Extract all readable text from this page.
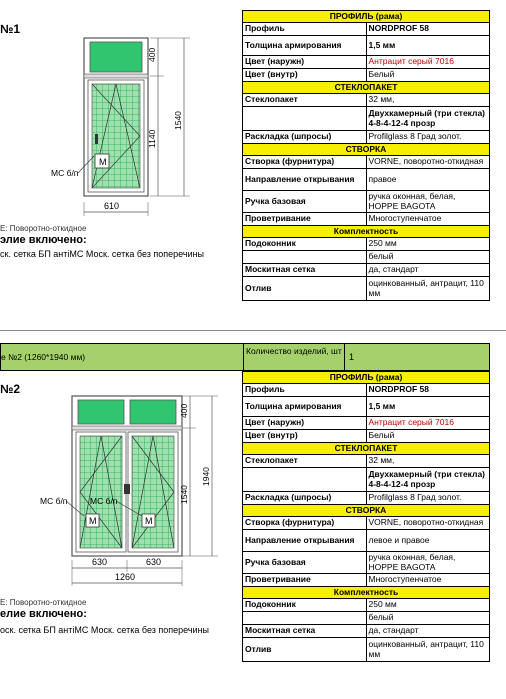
№1
М
МС б/п
400
1140
1540
610
Е: Поворотно-откидное
элие включено:
ск. сетка БП антіМС Моск. сетка без поперечины
ПРОФИЛЬ (рама)	
Профиль	NORDPROF 58
Толщина армирования	1,5 мм
Цвет (наружн)	Антрацит серый 7016
Цвет (внутр)	Белый
СТЕКЛОПАКЕТ	
Стеклопакет	32 мм,
	Двухкамерный (три стекла) 4-8-4-12-4 прозр
Раскладка (шпросы)	Profilglass 8 Град золот.
СТВОРКА	
Створка (фурнитура)	VORNE, поворотно-откидная
Направление открывания	правое
Ручка базовая	ручка оконная, белая, HOPPE BAGOTA
Проветривание	Многоступенчатое
Комплектность	
Подоконник	250 мм
	белый
Москитная сетка	да, стандарт
Отлив	оцинкованный, антрацит, 110 мм
е №2 (1260*1940 мм)
Количество изделий, шт
1
№2
М	М
МС б/п	МС б/п
400
1540
1940
630	630
1260
Е: Поворотно-откидное
елие включено:
оск. сетка БП антіМС Моск. сетка без поперечины
ПРОФИЛЬ (рама)	
Профиль	NORDPROF 58
Толщина армирования	1,5 мм
Цвет (наружн)	Антрацит серый 7016
Цвет (внутр)	Белый
СТЕКЛОПАКЕТ	
Стеклопакет	32 мм,
	Двухкамерный (три стекла) 4-8-4-12-4 прозр
Раскладка (шпросы)	Profilglass 8 Град золот.
СТВОРКА	
Створка (фурнитура)	VORNE, поворотно-откидная
Направление открывания	левое и правое
Ручка базовая	ручка оконная, белая, HOPPE BAGOTA
Проветривание	Многоступенчатое
Комплектность	
Подоконник	250 мм
	белый
Москитная сетка	да, стандарт
Отлив	оцинкованный, антрацит, 110 мм
